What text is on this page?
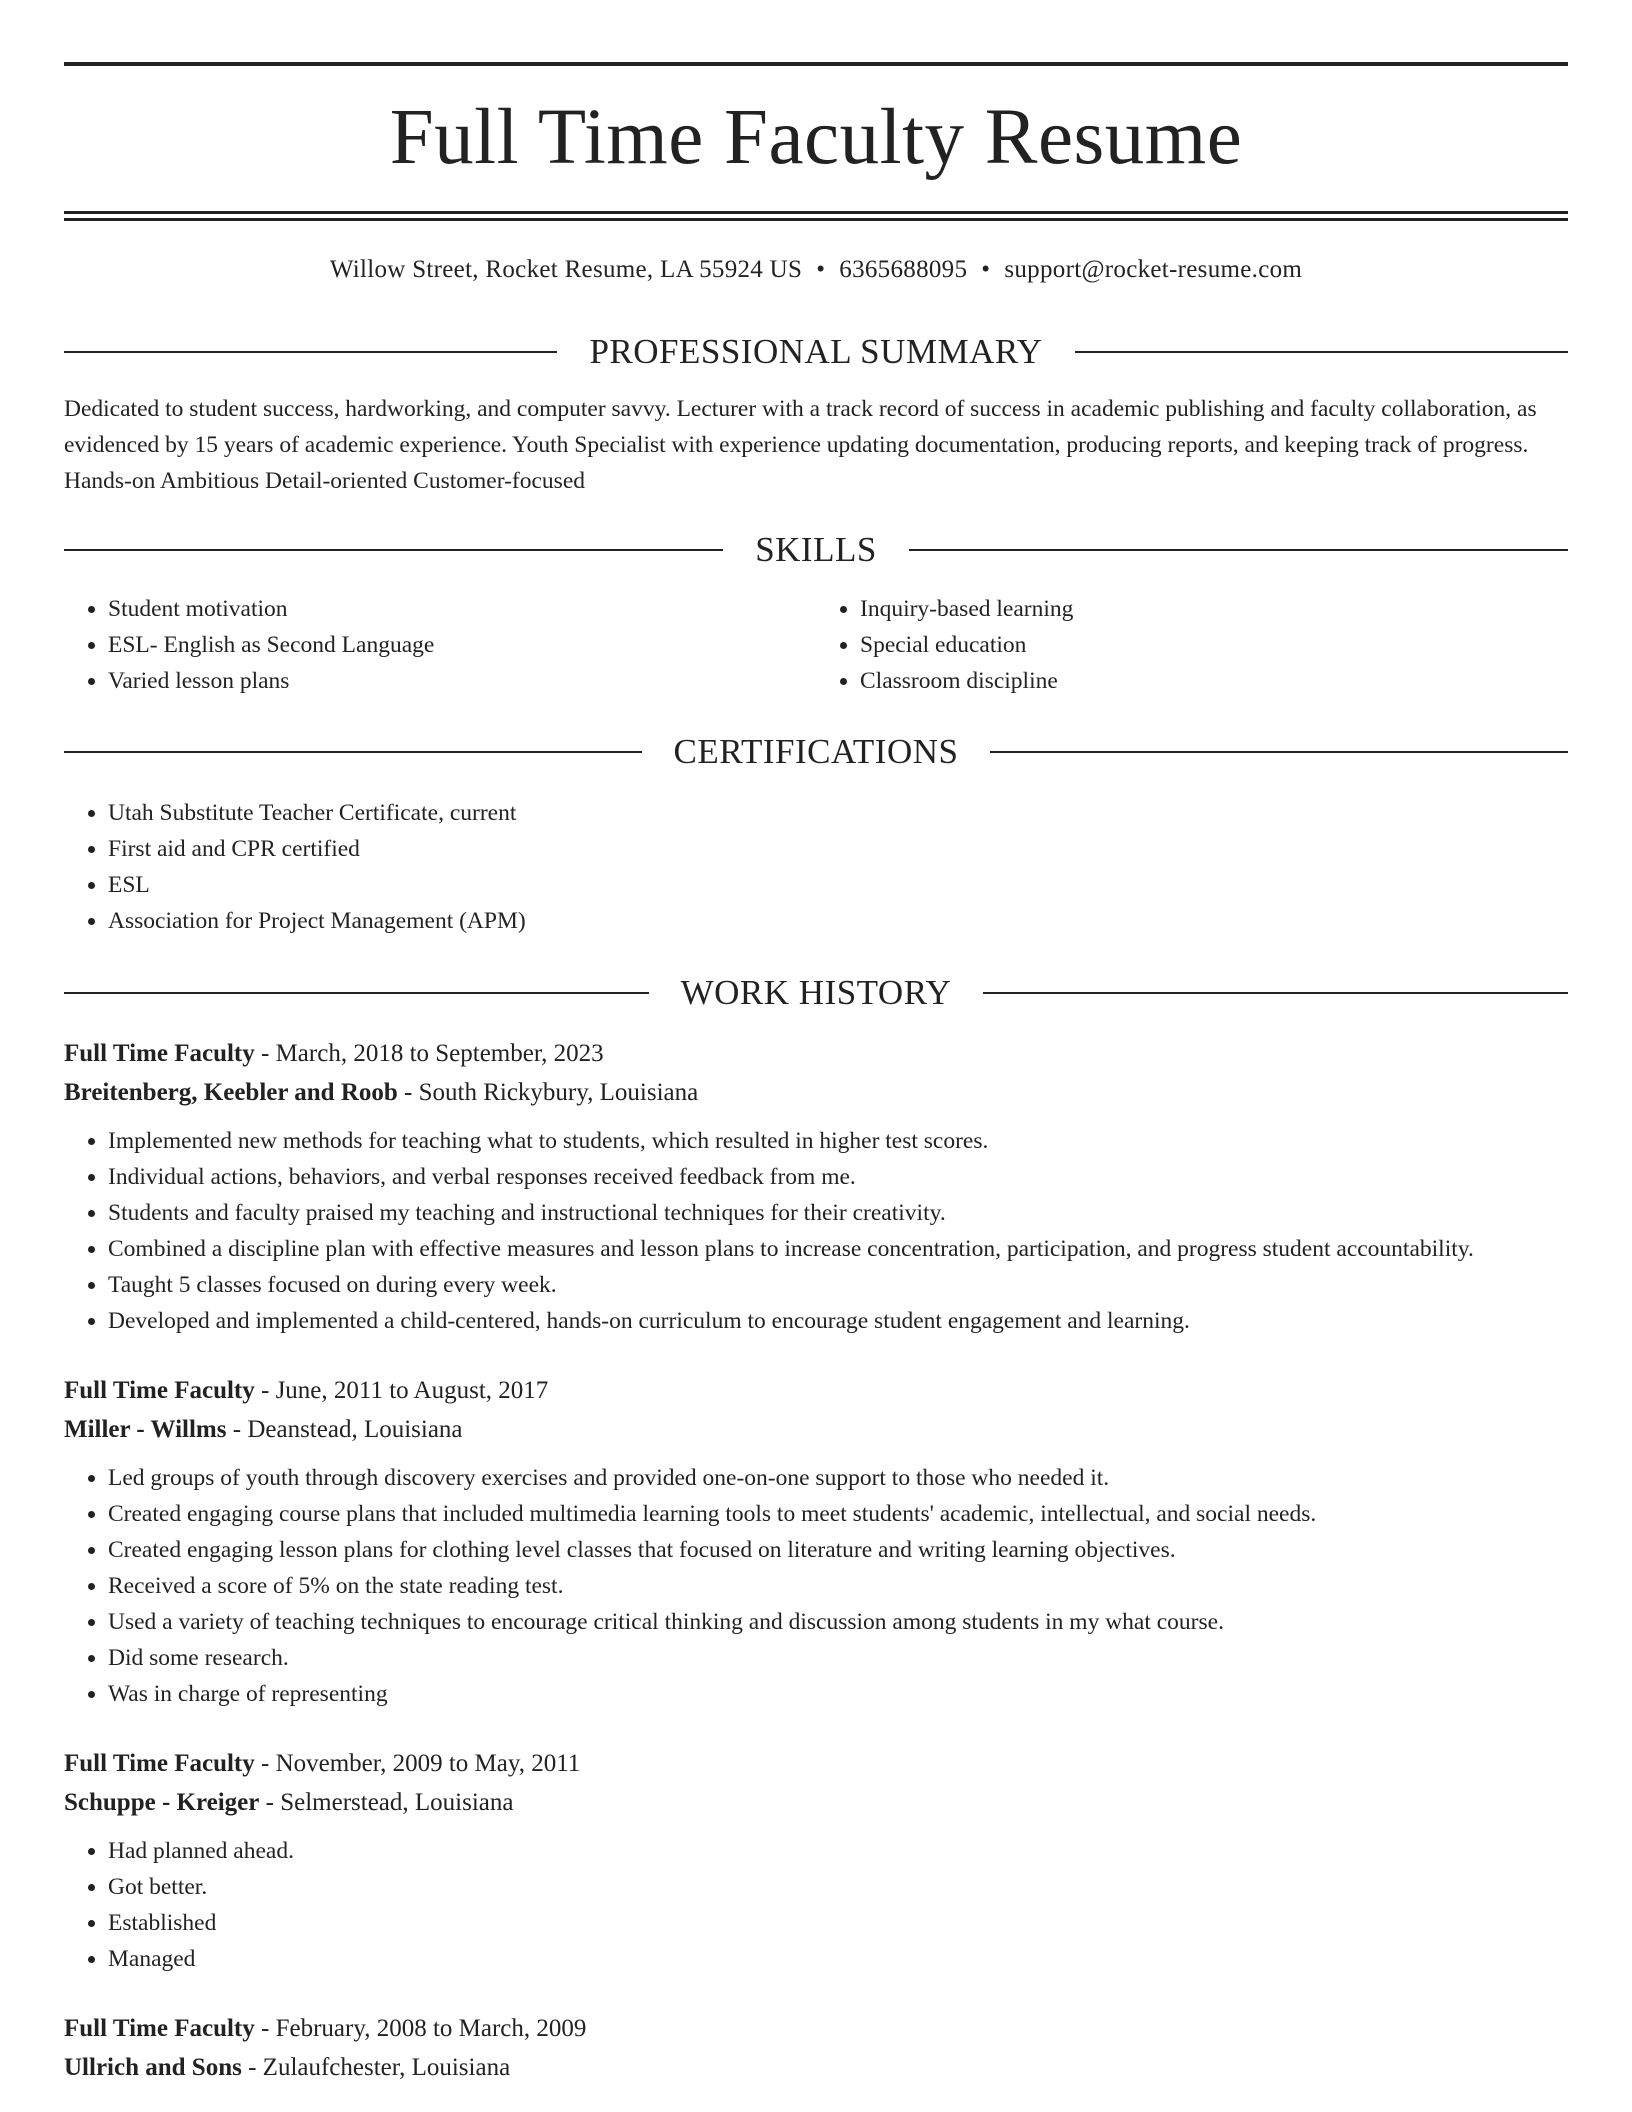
Full Time Faculty Resume
Willow Street, Rocket Resume, LA 55924 US • 6365688095 • support@rocket-resume.com
PROFESSIONAL SUMMARY

Dedicated to student success, hardworking, and computer savvy. Lecturer with a track record of success in academic publishing and faculty collaboration, as evidenced by 15 years of academic experience. Youth Specialist with experience updating documentation, producing reports, and keeping track of progress. Hands-on Ambitious Detail-oriented Customer-focused

SKILLS
• Student motivation
• ESL- English as Second Language
• Varied lesson plans
• Inquiry-based learning
• Special education
• Classroom discipline
CERTIFICATIONS
• Utah Substitute Teacher Certificate, current
• First aid and CPR certified
• ESL
• Association for Project Management (APM)
WORK HISTORY
Full Time Faculty - March, 2018 to September, 2023
Breitenberg, Keebler and Roob - South Rickybury, Louisiana
• Implemented new methods for teaching what to students, which resulted in higher test scores.
• Individual actions, behaviors, and verbal responses received feedback from me.
• Students and faculty praised my teaching and instructional techniques for their creativity.
• Combined a discipline plan with effective measures and lesson plans to increase concentration, participation, and progress student accountability.
• Taught 5 classes focused on during every week.
• Developed and implemented a child-centered, hands-on curriculum to encourage student engagement and learning.
Full Time Faculty - June, 2011 to August, 2017
Miller - Willms - Deanstead, Louisiana
• Led groups of youth through discovery exercises and provided one-on-one support to those who needed it.
• Created engaging course plans that included multimedia learning tools to meet students' academic, intellectual, and social needs.
• Created engaging lesson plans for clothing level classes that focused on literature and writing learning objectives.
• Received a score of 5% on the state reading test.
• Used a variety of teaching techniques to encourage critical thinking and discussion among students in my what course.
• Did some research.
• Was in charge of representing
Full Time Faculty - November, 2009 to May, 2011
Schuppe - Kreiger - Selmerstead, Louisiana
• Had planned ahead.
• Got better.
• Established
• Managed
Full Time Faculty - February, 2008 to March, 2009
Ullrich and Sons - Zulaufchester, Louisiana
